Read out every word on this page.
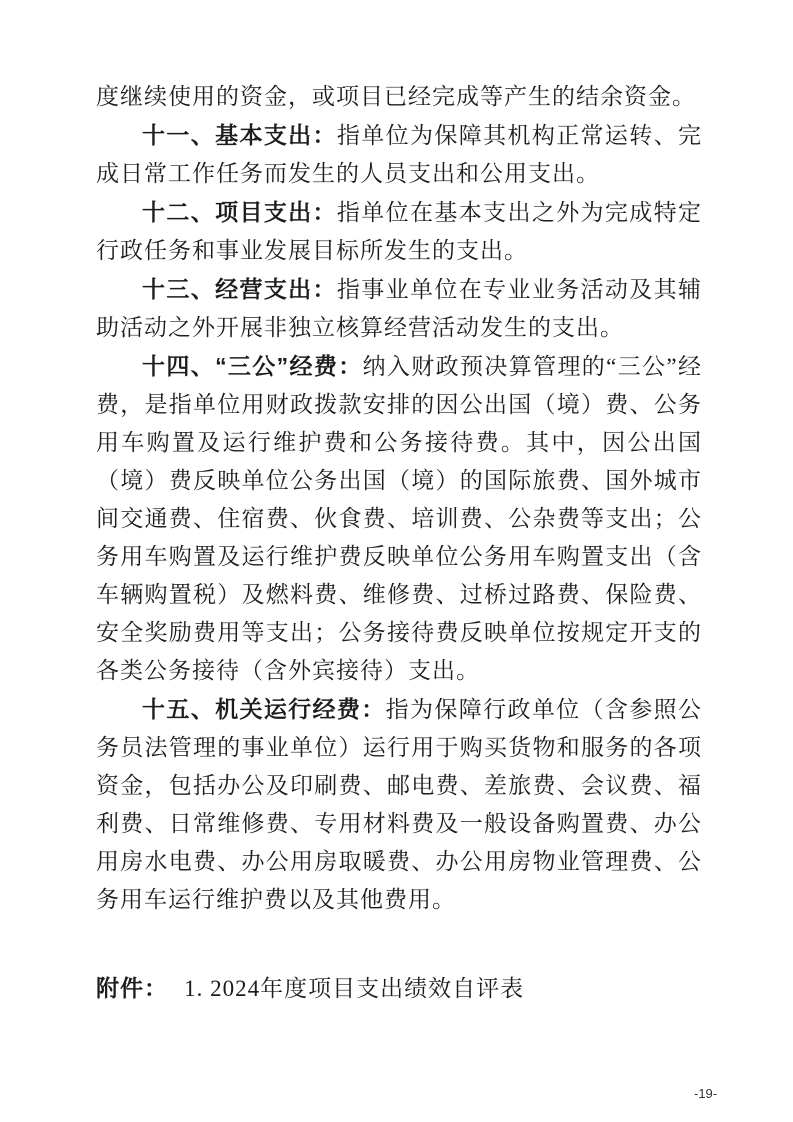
度继续使用的资金，或项目已经完成等产生的结余资金。

十一、基本支出：指单位为保障其机构正常运转、完成日常工作任务而发生的人员支出和公用支出。

十二、项目支出：指单位在基本支出之外为完成特定行政任务和事业发展目标所发生的支出。

十三、经营支出：指事业单位在专业业务活动及其辅助活动之外开展非独立核算经营活动发生的支出。

十四、“三公”经费：纳入财政预决算管理的“三公”经费，是指单位用财政拨款安排的因公出国（境）费、公务用车购置及运行维护费和公务接待费。其中，因公出国（境）费反映单位公务出国（境）的国际旅费、国外城市间交通费、住宿费、伙食费、培训费、公杂费等支出；公务用车购置及运行维护费反映单位公务用车购置支出（含车辆购置税）及燃料费、维修费、过桥过路费、保险费、安全奖励费用等支出；公务接待费反映单位按规定开支的各类公务接待（含外宾接待）支出。

十五、机关运行经费：指为保障行政单位（含参照公务员法管理的事业单位）运行用于购买货物和服务的各项资金，包括办公及印刷费、邮电费、差旅费、会议费、福利费、日常维修费、专用材料费及一般设备购置费、办公用房水电费、办公用房取暖费、办公用房物业管理费、公务用车运行维护费以及其他费用。

附件： 1. 2024年度项目支出绩效自评表

-19-
